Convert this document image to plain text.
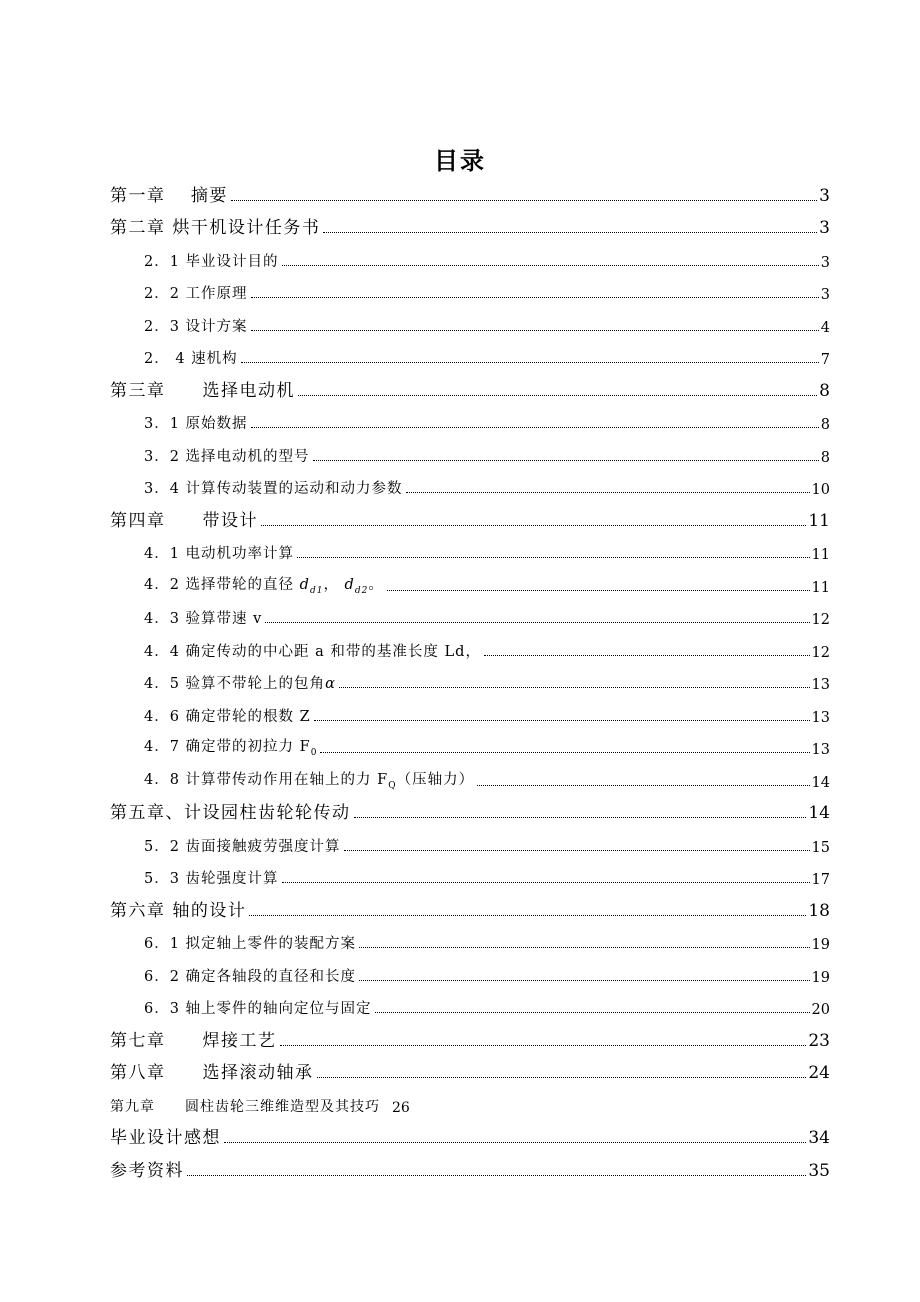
目录
第一章　 摘要	3
第二章 烘干机设计任务书	3
2．1 毕业设计目的	3
2．2 工作原理	3
2．3 设计方案	4
2． 4 速机构	7
第三章　　选择电动机	8
3．1 原始数据	8
3．2 选择电动机的型号	8
3．4 计算传动装置的运动和动力参数	10
第四章　　带设计	11
4．1 电动机功率计算	11
4．2 选择带轮的直径 $d_{d1}$， $d_{d2}$。	11
4．3 验算带速 v	12
4．4 确定传动的中心距 a 和带的基准长度 Ld，	12
4．5 验算不带轮上的包角α	13
4．6 确定带轮的根数 Z	13
4．7 确定带的初拉力 $F_0$	13
4．8 计算带传动作用在轴上的力 $F_Q$（压轴力）	14
第五章、计设园柱齿轮轮传动	14
5．2 齿面接触疲劳强度计算	15
5．3 齿轮强度计算	17
第六章 轴的设计	18
6．1 拟定轴上零件的装配方案	19
6．2 确定各轴段的直径和长度	19
6．3 轴上零件的轴向定位与固定	20
第七章　　焊接工艺	23
第八章　　选择滚动轴承	24
第九章　　圆柱齿轮三维维造型及其技巧 26
毕业设计感想	34
参考资料	35
